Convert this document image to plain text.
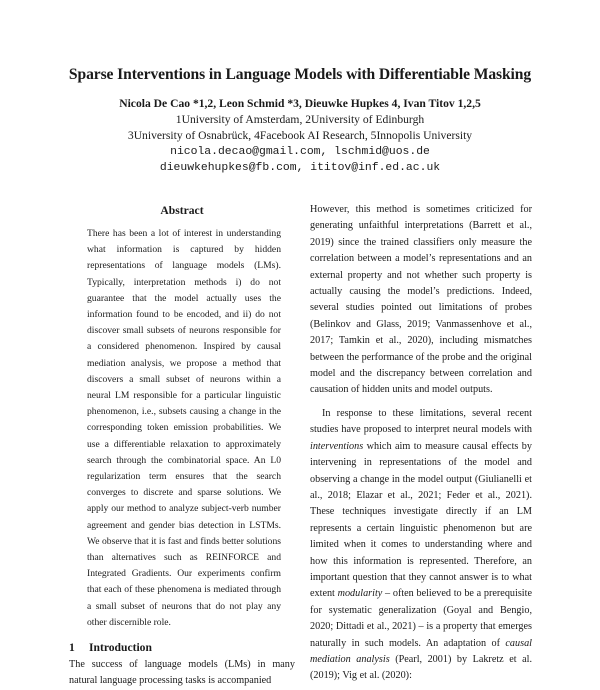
Sparse Interventions in Language Models with Differentiable Masking
Nicola De Cao *1,2, Leon Schmid *3, Dieuwke Hupkes 4, Ivan Titov 1,2,5
1University of Amsterdam, 2University of Edinburgh
3University of Osnabrück, 4Facebook AI Research, 5Innopolis University
nicola.decao@gmail.com, lschmid@uos.de
dieuwkehupkes@fb.com, ititov@inf.ed.ac.uk
Abstract
There has been a lot of interest in understanding what information is captured by hidden representations of language models (LMs). Typically, interpretation methods i) do not guarantee that the model actually uses the information found to be encoded, and ii) do not discover small subsets of neurons responsible for a considered phenomenon. Inspired by causal mediation analysis, we propose a method that discovers a small subset of neurons within a neural LM responsible for a particular linguistic phenomenon, i.e., subsets causing a change in the corresponding token emission probabilities. We use a differentiable relaxation to approximately search through the combinatorial space. An L0 regularization term ensures that the search converges to discrete and sparse solutions. We apply our method to analyze subject-verb number agreement and gender bias detection in LSTMs. We observe that it is fast and finds better solutions than alternatives such as REINFORCE and Integrated Gradients. Our experiments confirm that each of these phenomena is mediated through a small subset of neurons that do not play any other discernible role.
1 Introduction
The success of language models (LMs) in many natural language processing tasks is accompanied
However, this method is sometimes criticized for generating unfaithful interpretations (Barrett et al., 2019) since the trained classifiers only measure the correlation between a model’s representations and an external property and not whether such property is actually causing the model’s predictions. Indeed, several studies pointed out limitations of probes (Belinkov and Glass, 2019; Vanmassenhove et al., 2017; Tamkin et al., 2020), including mismatches between the performance of the probe and the original model and the discrepancy between correlation and causation of hidden units and model outputs.
In response to these limitations, several recent studies have proposed to interpret neural models with interventions which aim to measure causal effects by intervening in representations of the model and observing a change in the model output (Giulianelli et al., 2018; Elazar et al., 2021; Feder et al., 2021). These techniques investigate directly if an LM represents a certain linguistic phenomenon but are limited when it comes to understanding where and how this information is represented. Therefore, an important question that they cannot answer is to what extent modularity – often believed to be a prerequisite for systematic generalization (Goyal and Bengio, 2020; Dittadi et al., 2021) – is a property that emerges naturally in such models. An adaptation of causal mediation analysis (Pearl, 2001) by Lakretz et al. (2019); Vig et al. (2020):
